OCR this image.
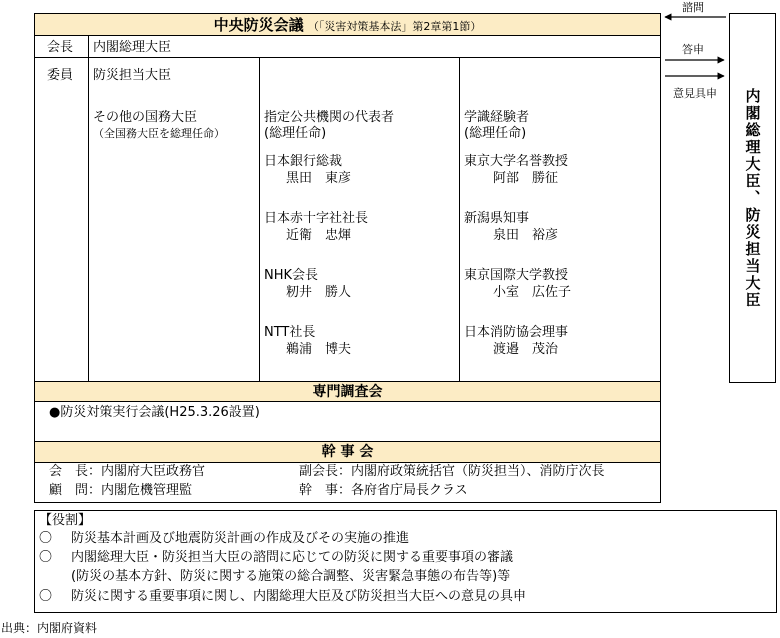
中央防災会議 （「災害対策基本法」第2章第1節）
会長 内閣総理大臣
委員 防災担当大臣
その他の国務大臣
（全国務大臣を総理任命）
指定公共機関の代表者
(総理任命)
日本銀行総裁
黒田　東彦
日本赤十字社社長
近衛　忠煇
NHK会長
籾井　勝人
NTT社長
鵜浦　博夫
学識経験者
(総理任命)
東京大学名誉教授
阿部　勝征
新潟県知事
泉田　裕彦
東京国際大学教授
小室　広佐子
日本消防協会理事
渡邉　茂治
専門調査会
●防災対策実行会議(H25.3.26設置)
幹 事 会
会　長：内閣府大臣政務官	副会長：内閣府政策統括官（防災担当）、消防庁次長
顧　問：内閣危機管理監	幹　事：各府省庁局長クラス
諮問
答申
意見具申 内閣総理大臣、防災担当大臣
【役割】
〇 防災基本計画及び地震防災計画の作成及びその実施の推進
〇 内閣総理大臣・防災担当大臣の諮問に応じての防災に関する重要事項の審議
(防災の基本方針、防災に関する施策の総合調整、災害緊急事態の布告等)等
〇 防災に関する重要事項に関し、内閣総理大臣及び防災担当大臣への意見の具申
出典：内閣府資料
